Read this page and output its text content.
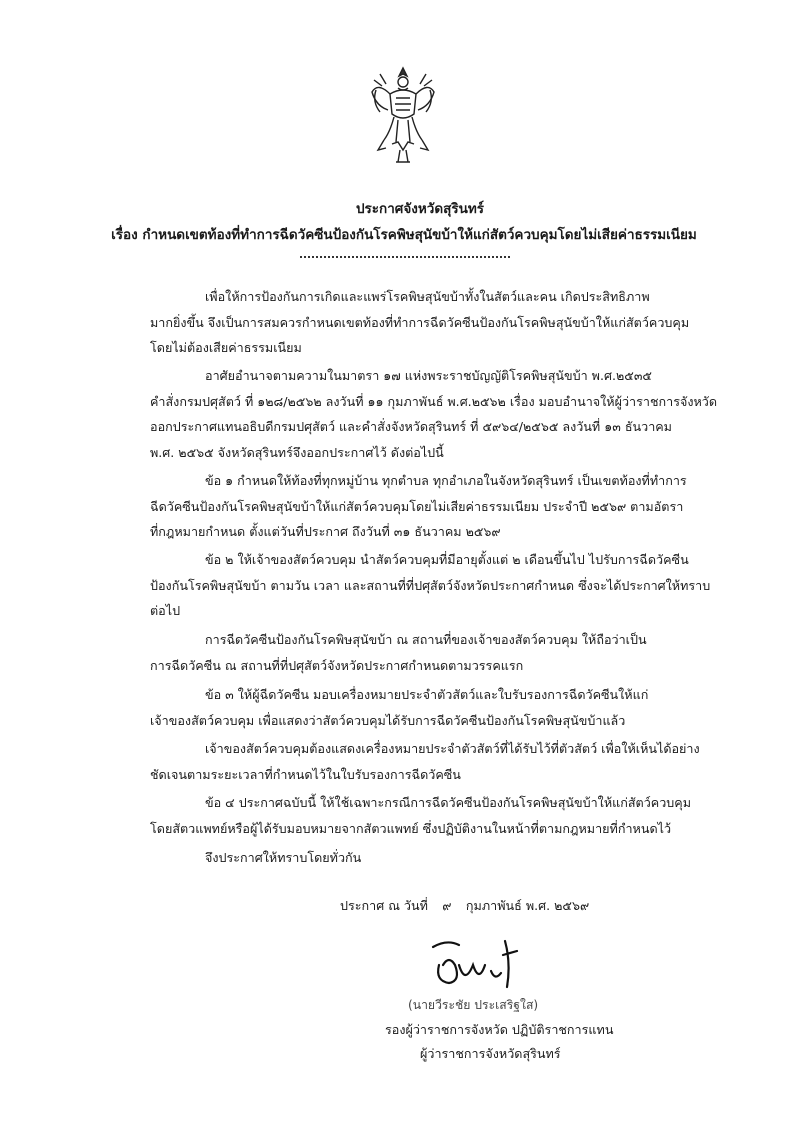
ประกาศจังหวัดสุรินทร์
เรื่อง กำหนดเขตท้องที่ทำการฉีดวัคซีนป้องกันโรคพิษสุนัขบ้าให้แก่สัตว์ควบคุมโดยไม่เสียค่าธรรมเนียม
เพื่อให้การป้องกันการเกิดและแพร่โรคพิษสุนัขบ้าทั้งในสัตว์และคน เกิดประสิทธิภาพ
มากยิ่งขึ้น จึงเป็นการสมควรกำหนดเขตท้องที่ทำการฉีดวัคซีนป้องกันโรคพิษสุนัขบ้าให้แก่สัตว์ควบคุม
โดยไม่ต้องเสียค่าธรรมเนียม
อาศัยอำนาจตามความในมาตรา ๑๗ แห่งพระราชบัญญัติโรคพิษสุนัขบ้า พ.ศ.๒๕๓๕
คำสั่งกรมปศุสัตว์ ที่ ๑๒๘/๒๕๖๒ ลงวันที่ ๑๑ กุมภาพันธ์ พ.ศ.๒๕๖๒ เรื่อง มอบอำนาจให้ผู้ว่าราชการจังหวัด
ออกประกาศแทนอธิบดีกรมปศุสัตว์ และคำสั่งจังหวัดสุรินทร์ ที่ ๕๙๖๔/๒๕๖๕ ลงวันที่ ๑๓ ธันวาคม
พ.ศ. ๒๕๖๕ จังหวัดสุรินทร์จึงออกประกาศไว้ ดังต่อไปนี้
ข้อ ๑ กำหนดให้ท้องที่ทุกหมู่บ้าน ทุกตำบล ทุกอำเภอในจังหวัดสุรินทร์ เป็นเขตท้องที่ทำการ
ฉีดวัคซีนป้องกันโรคพิษสุนัขบ้าให้แก่สัตว์ควบคุมโดยไม่เสียค่าธรรมเนียม ประจำปี ๒๕๖๙ ตามอัตรา
ที่กฎหมายกำหนด ตั้งแต่วันที่ประกาศ ถึงวันที่ ๓๑ ธันวาคม ๒๕๖๙
ข้อ ๒ ให้เจ้าของสัตว์ควบคุม นำสัตว์ควบคุมที่มีอายุตั้งแต่ ๒ เดือนขึ้นไป ไปรับการฉีดวัคซีน
ป้องกันโรคพิษสุนัขบ้า ตามวัน เวลา และสถานที่ที่ปศุสัตว์จังหวัดประกาศกำหนด ซึ่งจะได้ประกาศให้ทราบ
ต่อไป
การฉีดวัคซีนป้องกันโรคพิษสุนัขบ้า ณ สถานที่ของเจ้าของสัตว์ควบคุม ให้ถือว่าเป็น
การฉีดวัคซีน ณ สถานที่ที่ปศุสัตว์จังหวัดประกาศกำหนดตามวรรคแรก
ข้อ ๓ ให้ผู้ฉีดวัคซีน มอบเครื่องหมายประจำตัวสัตว์และใบรับรองการฉีดวัคซีนให้แก่
เจ้าของสัตว์ควบคุม เพื่อแสดงว่าสัตว์ควบคุมได้รับการฉีดวัคซีนป้องกันโรคพิษสุนัขบ้าแล้ว
เจ้าของสัตว์ควบคุมต้องแสดงเครื่องหมายประจำตัวสัตว์ที่ได้รับไว้ที่ตัวสัตว์ เพื่อให้เห็นได้อย่าง
ชัดเจนตามระยะเวลาที่กำหนดไว้ในใบรับรองการฉีดวัคซีน
ข้อ ๔ ประกาศฉบับนี้ ให้ใช้เฉพาะกรณีการฉีดวัคซีนป้องกันโรคพิษสุนัขบ้าให้แก่สัตว์ควบคุม
โดยสัตวแพทย์หรือผู้ได้รับมอบหมายจากสัตวแพทย์ ซึ่งปฏิบัติงานในหน้าที่ตามกฎหมายที่กำหนดไว้
จึงประกาศให้ทราบโดยทั่วกัน
ประกาศ ณ วันที่ ๙ กุมภาพันธ์ พ.ศ. ๒๕๖๙
(นายวีระชัย ประเสริฐใส)
รองผู้ว่าราชการจังหวัด ปฏิบัติราชการแทน
ผู้ว่าราชการจังหวัดสุรินทร์
